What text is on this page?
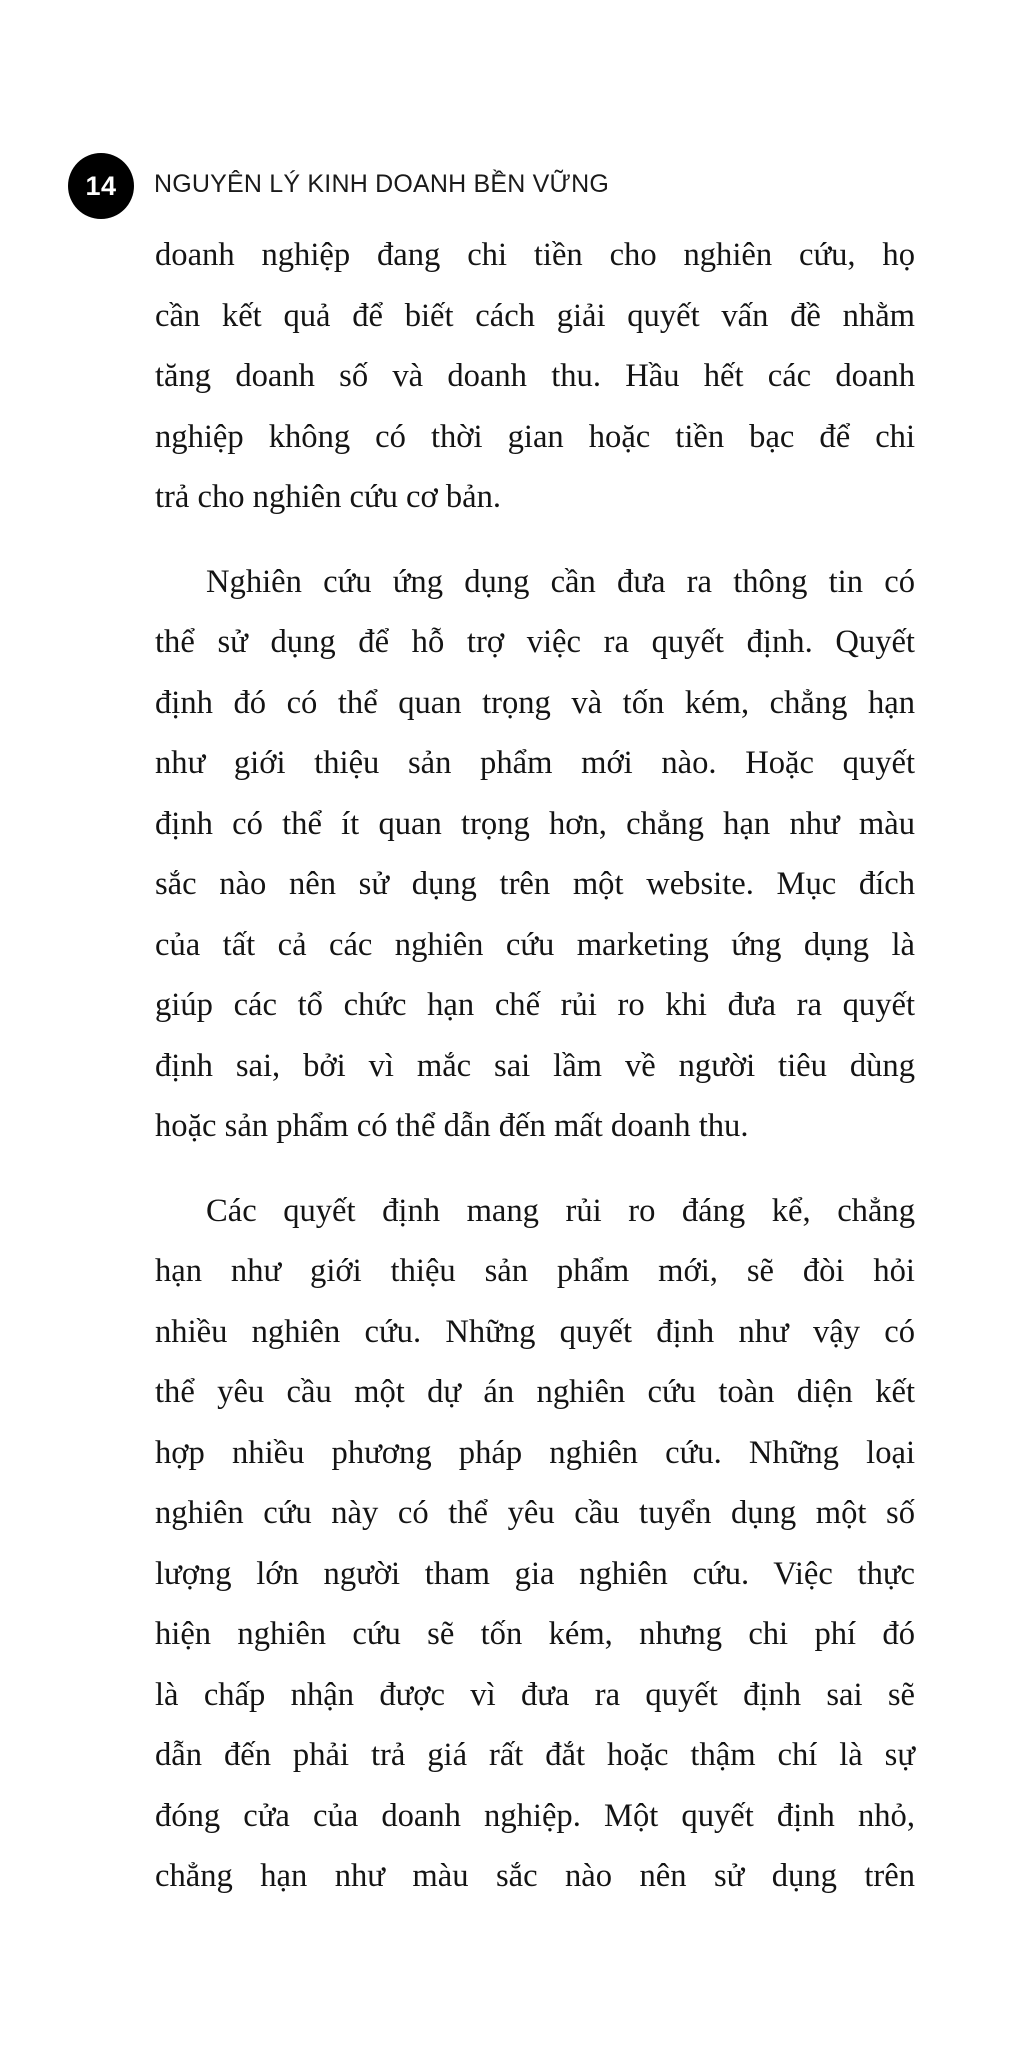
14 NGUYÊN LÝ KINH DOANH BỀN VỮNG
doanh nghiệp đang chi tiền cho nghiên cứu, họ
cần kết quả để biết cách giải quyết vấn đề nhằm
tăng doanh số và doanh thu. Hầu hết các doanh
nghiệp không có thời gian hoặc tiền bạc để chi
trả cho nghiên cứu cơ bản.
Nghiên cứu ứng dụng cần đưa ra thông tin có
thể sử dụng để hỗ trợ việc ra quyết định. Quyết
định đó có thể quan trọng và tốn kém, chẳng hạn
như giới thiệu sản phẩm mới nào. Hoặc quyết
định có thể ít quan trọng hơn, chẳng hạn như màu
sắc nào nên sử dụng trên một website. Mục đích
của tất cả các nghiên cứu marketing ứng dụng là
giúp các tổ chức hạn chế rủi ro khi đưa ra quyết
định sai, bởi vì mắc sai lầm về người tiêu dùng
hoặc sản phẩm có thể dẫn đến mất doanh thu.
Các quyết định mang rủi ro đáng kể, chẳng
hạn như giới thiệu sản phẩm mới, sẽ đòi hỏi
nhiều nghiên cứu. Những quyết định như vậy có
thể yêu cầu một dự án nghiên cứu toàn diện kết
hợp nhiều phương pháp nghiên cứu. Những loại
nghiên cứu này có thể yêu cầu tuyển dụng một số
lượng lớn người tham gia nghiên cứu. Việc thực
hiện nghiên cứu sẽ tốn kém, nhưng chi phí đó
là chấp nhận được vì đưa ra quyết định sai sẽ
dẫn đến phải trả giá rất đắt hoặc thậm chí là sự
đóng cửa của doanh nghiệp. Một quyết định nhỏ,
chẳng hạn như màu sắc nào nên sử dụng trên
